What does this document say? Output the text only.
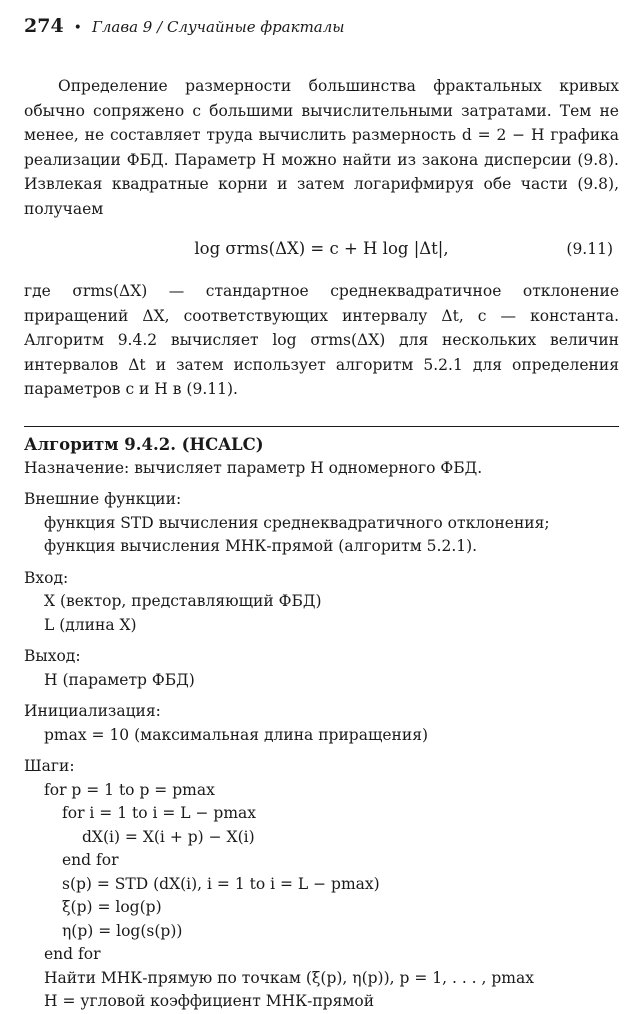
274 • Глава 9 / Случайные фракталы

Определение размерности большинства фрактальных кривых обычно сопряжено с большими вычислительными затратами. Тем не менее, не составляет труда вычислить размерность d = 2 − H графика реализации ФБД. Параметр H можно найти из закона дисперсии (9.8). Извлекая квадратные корни и затем логарифмируя обе части (9.8), получаем

log σrms(ΔX) = c + H log |Δt|,	(9.11)

где σrms(ΔX) — стандартное среднеквадратичное отклонение приращений ΔX, соответствующих интервалу Δt, c — константа. Алгоритм 9.4.2 вычисляет log σrms(ΔX) для нескольких величин интервалов Δt и затем использует алгоритм 5.2.1 для определения параметров c и H в (9.11).

Алгоритм 9.4.2. (HCALC)
Назначение: вычисляет параметр H одномерного ФБД.
Внешние функции:
функция STD вычисления среднеквадратичного отклонения;
функция вычисления МНК-прямой (алгоритм 5.2.1).
Вход:
X (вектор, представляющий ФБД)
L (длина X)
Выход:
H (параметр ФБД)
Инициализация:
pmax = 10 (максимальная длина приращения)
Шаги:
for p = 1 to p = pmax
for i = 1 to i = L − pmax
dX(i) = X(i + p) − X(i)
end for
s(p) = STD (dX(i), i = 1 to i = L − pmax)
ξ(p) = log(p)
η(p) = log(s(p))
end for
Найти МНК-прямую по точкам (ξ(p), η(p)), p = 1, . . . , pmax
H = угловой коэффициент МНК-прямой
